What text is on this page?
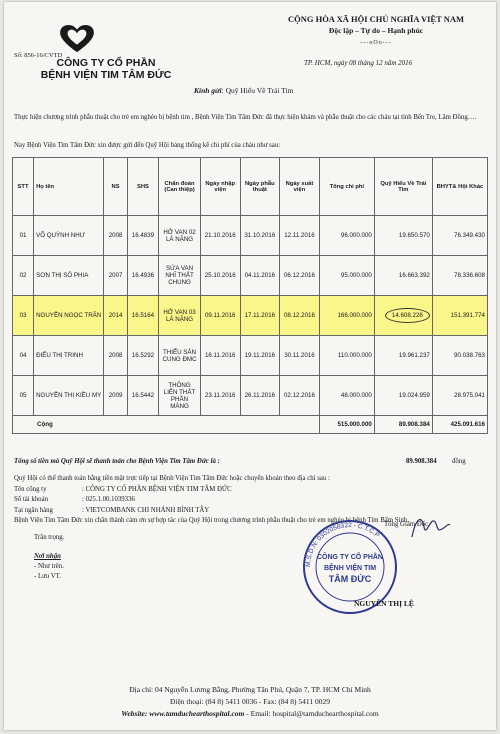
Số: 856-16/CVTD
CÔNG TY CỔ PHẦN
BỆNH VIỆN TIM TÂM ĐỨC
CỘNG HÒA XÃ HỘI CHỦ NGHĨA VIỆT NAM
Độc lập – Tự do – Hạnh phúc
---oOo---
TP. HCM, ngày 08 tháng 12 năm 2016
Kính gửi: Quỹ Hiểu Về Trái Tim
Thực hiện chương trình phẫu thuật cho trẻ em nghèo bị bệnh tim , Bệnh Viện Tim Tâm Đức đã thực hiện khám và phẫu thuật cho các cháu tại tỉnh Bến Tre, Lâm Đồng….
Nay Bệnh Viện Tim Tâm Đức xin được gửi đến Quỹ Hội bảng thống kê chi phí của cháu như sau:
STT	Họ tên	NS	SHS	Chẩn đoán (Can thiệp)	Ngày nhập viện	Ngày phẫu thuật	Ngày xuất viện	Tổng chi phí	Quỹ Hiểu Về Trái Tim	BHYT& Hội Khác
01	VÕ QUỲNH NHƯ	2008	16.4839	HỞ VAN 02 LÁ NẶNG	21.10.2016	31.10.2016	12.11.2016	96.000.000	19.650.570	76.349.430
02	SƠN THỊ SÔ PHIA	2007	16.4936	SỨA VAN NHĨ THẤT CHUNG	25.10.2016	04.11.2016	06.12.2016	95.000.000	16.663.392	78.336.608
03	NGUYỄN NGỌC TRÂN	2014	16.5164	HỞ VAN 03 LÁ NẶNG	09.11.2016	17.11.2016	08.12.2016	166.000.000	14.608.226	151.391.774
04	ĐIỂU THỊ TRINH	2008	16.5292	THIỂU SẢN CUNG ĐMC	16.11.2016	19.11.2016	30.11.2016	110.000.000	19.961.237	90.038.763
05	NGUYỄN THỊ KIỀU MY	2009	16.5442	THÔNG LIÊN THẤT PHẦN MÀNG	23.11.2016	26.11.2016	02.12.2016	48.000.000	19.024.959	28.975.041
Cộng								515.000.000	89.908.384	425.091.616
Tổng số tiền mà Quỹ Hội sẽ thanh toán cho Bệnh Viện Tim Tâm Đức là :	89.908.384 đồng
Quý Hội có thể thanh toán bằng tiền mặt trực tiếp tại Bệnh Viện Tim Tâm Đức hoặc chuyển khoản theo địa chỉ sau :
Tên công ty	: CÔNG TY CỔ PHẦN BỆNH VIỆN TIM TÂM ĐỨC
Số tài khoản	: 025.1.00.1039336
Tại ngân hàng	: VIETCOMBANK CHI NHÁNH BÌNH TÂY
Bệnh Viện Tim Tâm Đức xin chân thành cảm ơn sự hợp tác của Quý Hội trong chương trình phẫu thuật cho trẻ em nghèo bị bệnh Tim Bẩm Sinh.
Trân trọng.
Nơi nhận
- Như trên.
- Lưu VT.
Tổng Giám Đốc
M.S.D.N: 0302058322 - C.T.C.P
CÔNG TY CỔ PHẦN
BỆNH VIỆN TIM
TÂM ĐỨC
NGUYỄN THỊ LỆ
Địa chỉ: 04 Nguyễn Lương Bằng, Phường Tân Phú, Quận 7, TP. HCM Chí Minh
Điện thoại: (84 8) 5411 0036 - Fax: (84 8) 5411 0029
Website: www.tamduchearthospital.com - Email: hospital@tamduchearthospital.com
